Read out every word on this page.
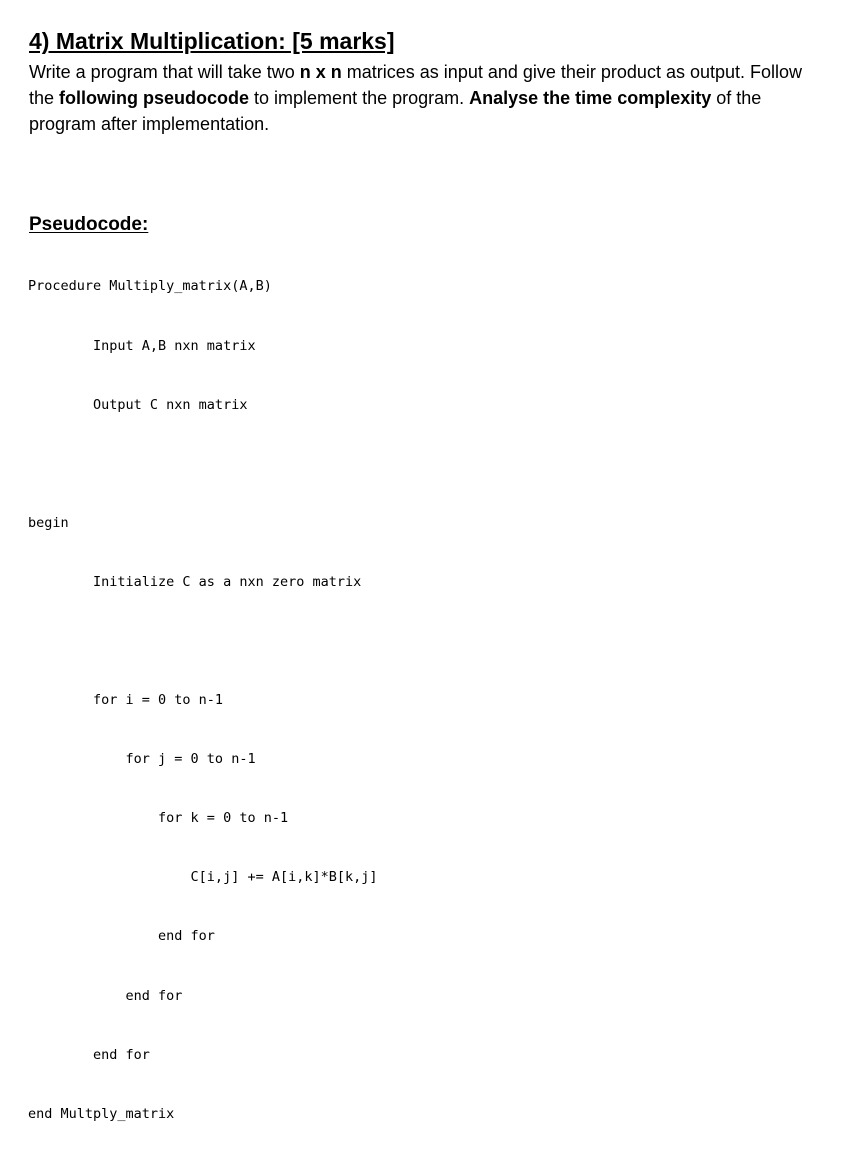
4) Matrix Multiplication: [5 marks]

Write a program that will take two n x n matrices as input and give their product as output. Follow the following pseudocode to implement the program. Analyse the time complexity of the program after implementation.

Pseudocode:

Procedure Multiply_matrix(A,B)

Input A,B nxn matrix

Output C nxn matrix

begin

Initialize C as a nxn zero matrix

for i = 0 to n-1

for j = 0 to n-1

for k = 0 to n-1

C[i,j] += A[i,k]*B[k,j]

end for

end for

end for

end Multply_matrix
